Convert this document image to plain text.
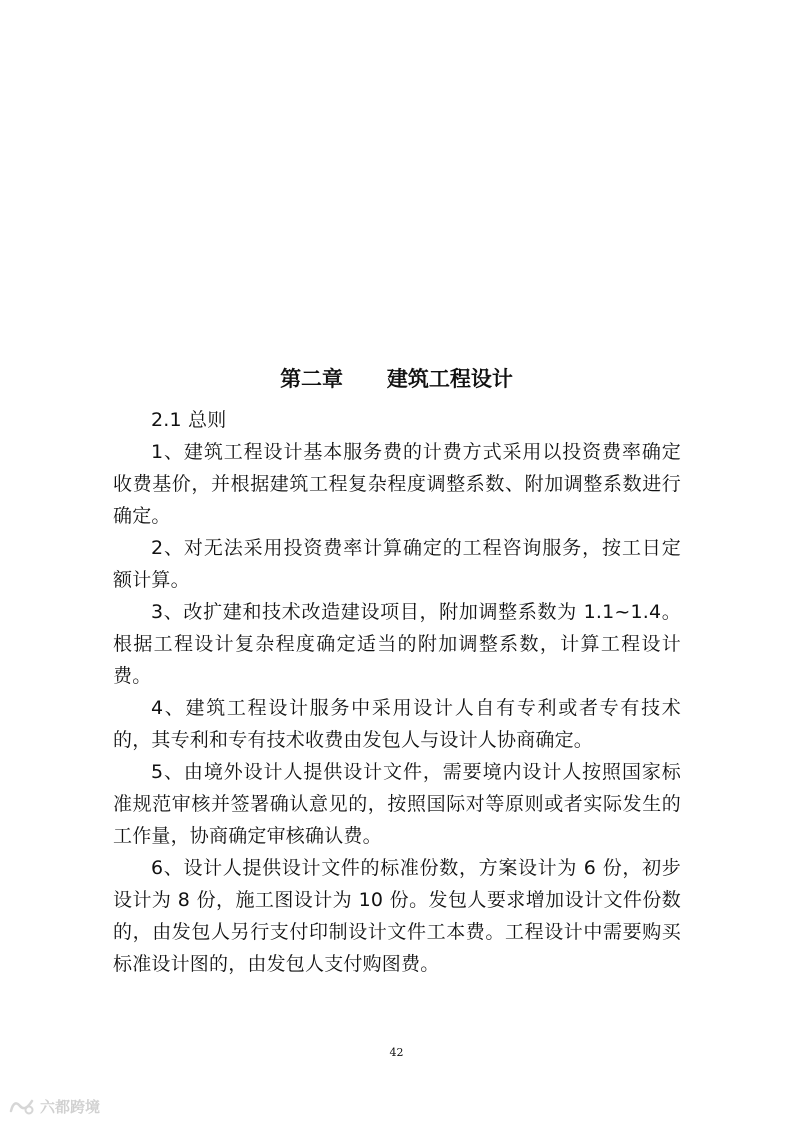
第二章      建筑工程设计

2.1 总则

1、建筑工程设计基本服务费的计费方式采用以投资费率确定收费基价，并根据建筑工程复杂程度调整系数、附加调整系数进行确定。

2、对无法采用投资费率计算确定的工程咨询服务，按工日定额计算。

3、改扩建和技术改造建设项目，附加调整系数为 1.1~1.4。根据工程设计复杂程度确定适当的附加调整系数，计算工程设计费。

4、建筑工程设计服务中采用设计人自有专利或者专有技术的，其专利和专有技术收费由发包人与设计人协商确定。

5、由境外设计人提供设计文件，需要境内设计人按照国家标准规范审核并签署确认意见的，按照国际对等原则或者实际发生的工作量，协商确定审核确认费。

6、设计人提供设计文件的标准份数，方案设计为 6 份，初步设计为 8 份，施工图设计为 10 份。发包人要求增加设计文件份数的，由发包人另行支付印制设计文件工本费。工程设计中需要购买标准设计图的，由发包人支付购图费。

42
六都跨境
